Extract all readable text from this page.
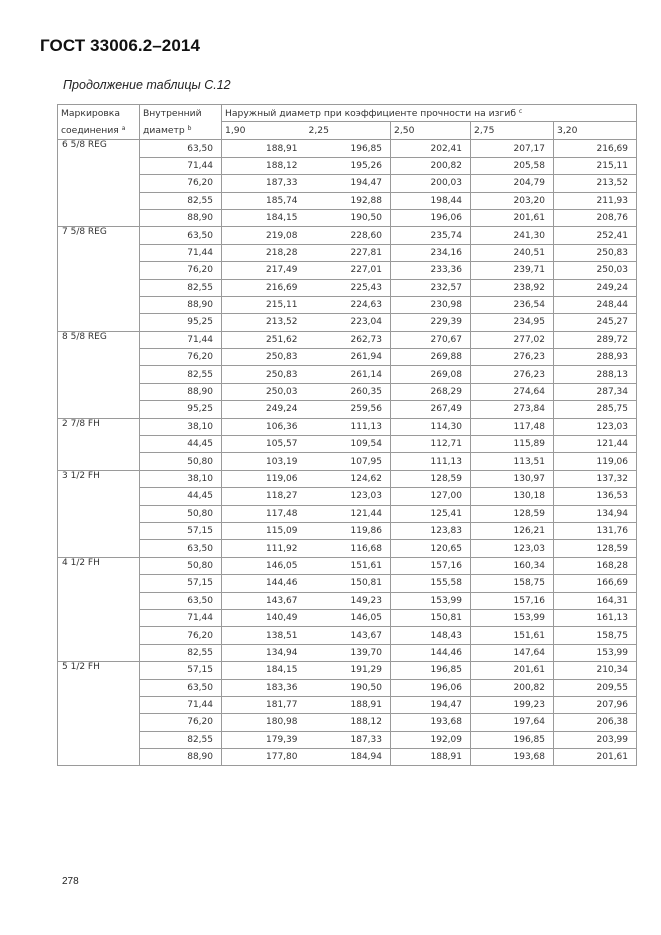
ГОСТ 33006.2–2014
Продолжение таблицы С.12
Маркировка	Внутренний	Наружный диаметр при коэффициенте прочности на изгиб $^c$
соединения $^а$	диаметр $^b$	1,90	2,25	2,50	2,75	3,20
6 5/8 REG	63,50	188,91	196,85	202,41	207,17	216,69
	71,44	188,12	195,26	200,82	205,58	215,11
	76,20	187,33	194,47	200,03	204,79	213,52
	82,55	185,74	192,88	198,44	203,20	211,93
	88,90	184,15	190,50	196,06	201,61	208,76
7 5/8 REG	63,50	219,08	228,60	235,74	241,30	252,41
	71,44	218,28	227,81	234,16	240,51	250,83
	76,20	217,49	227,01	233,36	239,71	250,03
	82,55	216,69	225,43	232,57	238,92	249,24
	88,90	215,11	224,63	230,98	236,54	248,44
	95,25	213,52	223,04	229,39	234,95	245,27
8 5/8 REG	71,44	251,62	262,73	270,67	277,02	289,72
	76,20	250,83	261,94	269,88	276,23	288,93
	82,55	250,83	261,14	269,08	276,23	288,13
	88,90	250,03	260,35	268,29	274,64	287,34
	95,25	249,24	259,56	267,49	273,84	285,75
2 7/8 FH	38,10	106,36	111,13	114,30	117,48	123,03
	44,45	105,57	109,54	112,71	115,89	121,44
	50,80	103,19	107,95	111,13	113,51	119,06
3 1/2 FH	38,10	119,06	124,62	128,59	130,97	137,32
	44,45	118,27	123,03	127,00	130,18	136,53
	50,80	117,48	121,44	125,41	128,59	134,94
	57,15	115,09	119,86	123,83	126,21	131,76
	63,50	111,92	116,68	120,65	123,03	128,59
4 1/2 FH	50,80	146,05	151,61	157,16	160,34	168,28
	57,15	144,46	150,81	155,58	158,75	166,69
	63,50	143,67	149,23	153,99	157,16	164,31
	71,44	140,49	146,05	150,81	153,99	161,13
	76,20	138,51	143,67	148,43	151,61	158,75
	82,55	134,94	139,70	144,46	147,64	153,99
5 1/2 FH	57,15	184,15	191,29	196,85	201,61	210,34
	63,50	183,36	190,50	196,06	200,82	209,55
	71,44	181,77	188,91	194,47	199,23	207,96
	76,20	180,98	188,12	193,68	197,64	206,38
	82,55	179,39	187,33	192,09	196,85	203,99
	88,90	177,80	184,94	188,91	193,68	201,61
278
